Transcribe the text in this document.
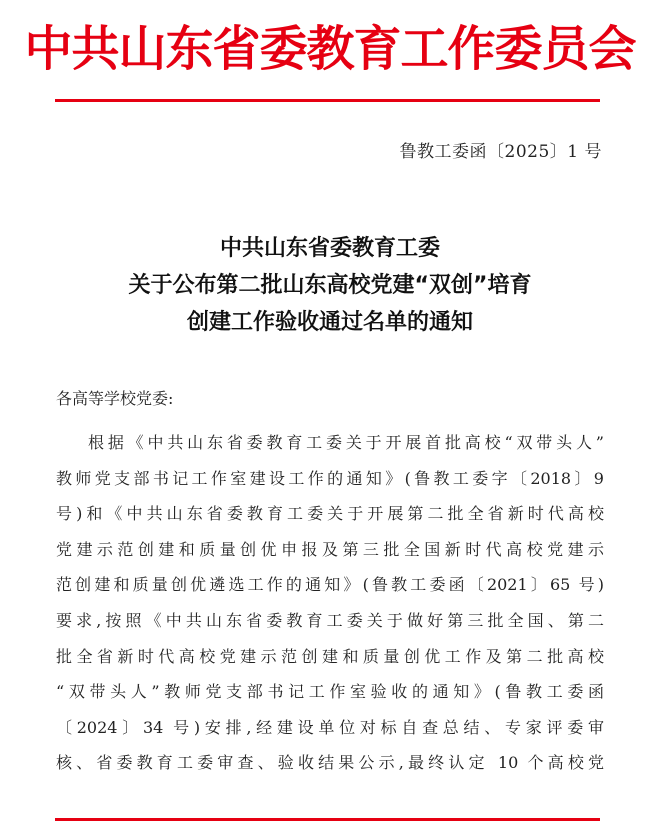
中共山东省委教育工作委员会
鲁教工委函〔2025〕1 号
中共山东省委教育工委
关于公布第二批山东高校党建“双创”培育
创建工作验收通过名单的通知
各高等学校党委:
根据《中共山东省委教育工委关于开展首批高校“双带头人”
教师党支部书记工作室建设工作的通知》(鲁教工委字〔2018〕9
号)和《中共山东省委教育工委关于开展第二批全省新时代高校
党建示范创建和质量创优申报及第三批全国新时代高校党建示
范创建和质量创优遴选工作的通知》(鲁教工委函〔2021〕65 号)
要求,按照《中共山东省委教育工委关于做好第三批全国、第二
批全省新时代高校党建示范创建和质量创优工作及第二批高校
“双带头人”教师党支部书记工作室验收的通知》(鲁教工委函
〔2024〕34 号)安排,经建设单位对标自查总结、专家评委审
核、省委教育工委审查、验收结果公示,最终认定 10 个高校党
